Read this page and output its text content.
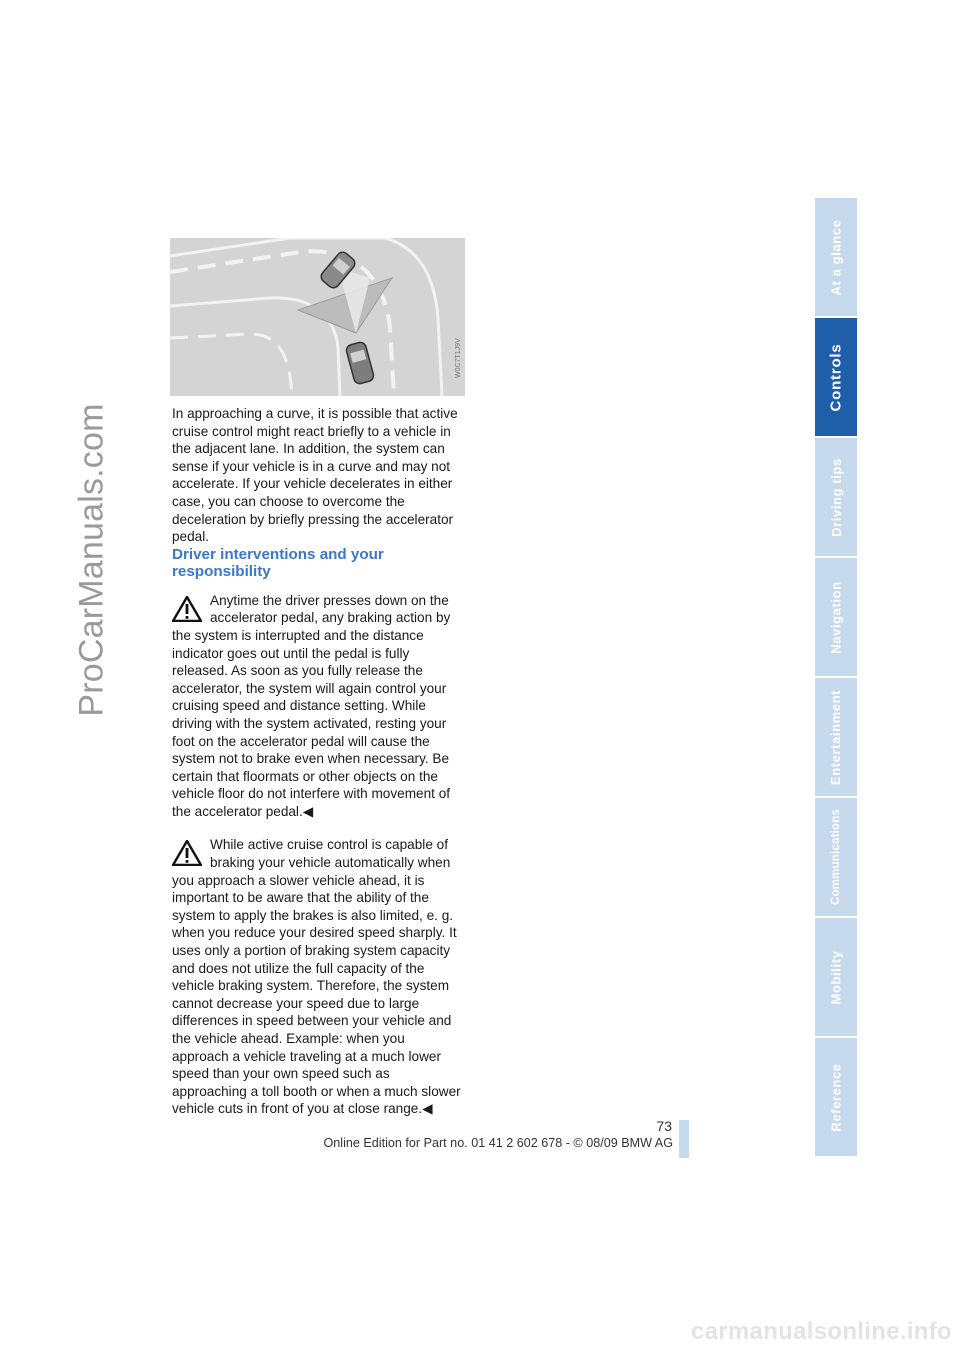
ProCarManuals.com
At a glance
Controls
Driving tips
Navigation
Entertainment
Communications
Mobility
Reference
W0C7T1J9V

In approaching a curve, it is possible that active cruise control might react briefly to a vehicle in the adjacent lane. In addition, the system can sense if your vehicle is in a curve and may not accelerate. If your vehicle decelerates in either case, you can choose to overcome the deceleration by briefly pressing the accelerator pedal.

Driver interventions and your responsibility

Anytime the driver presses down on the accelerator pedal, any braking action by the system is interrupted and the distance indicator goes out until the pedal is fully released. As soon as you fully release the accelerator, the system will again control your cruising speed and distance setting. While driving with the system activated, resting your foot on the accelerator pedal will cause the system not to brake even when necessary. Be certain that floormats or other objects on the vehicle floor do not interfere with movement of the accelerator pedal.◀

While active cruise control is capable of braking your vehicle automatically when you approach a slower vehicle ahead, it is important to be aware that the ability of the system to apply the brakes is also limited, e. g. when you reduce your desired speed sharply. It uses only a portion of braking system capacity and does not utilize the full capacity of the vehicle braking system. Therefore, the system cannot decrease your speed due to large differences in speed between your vehicle and the vehicle ahead. Example: when you approach a vehicle traveling at a much lower speed than your own speed such as approaching a toll booth or when a much slower vehicle cuts in front of you at close range.◀

73
Online Edition for Part no. 01 41 2 602 678 - © 08/09 BMW AG
carmanualsonline.info
